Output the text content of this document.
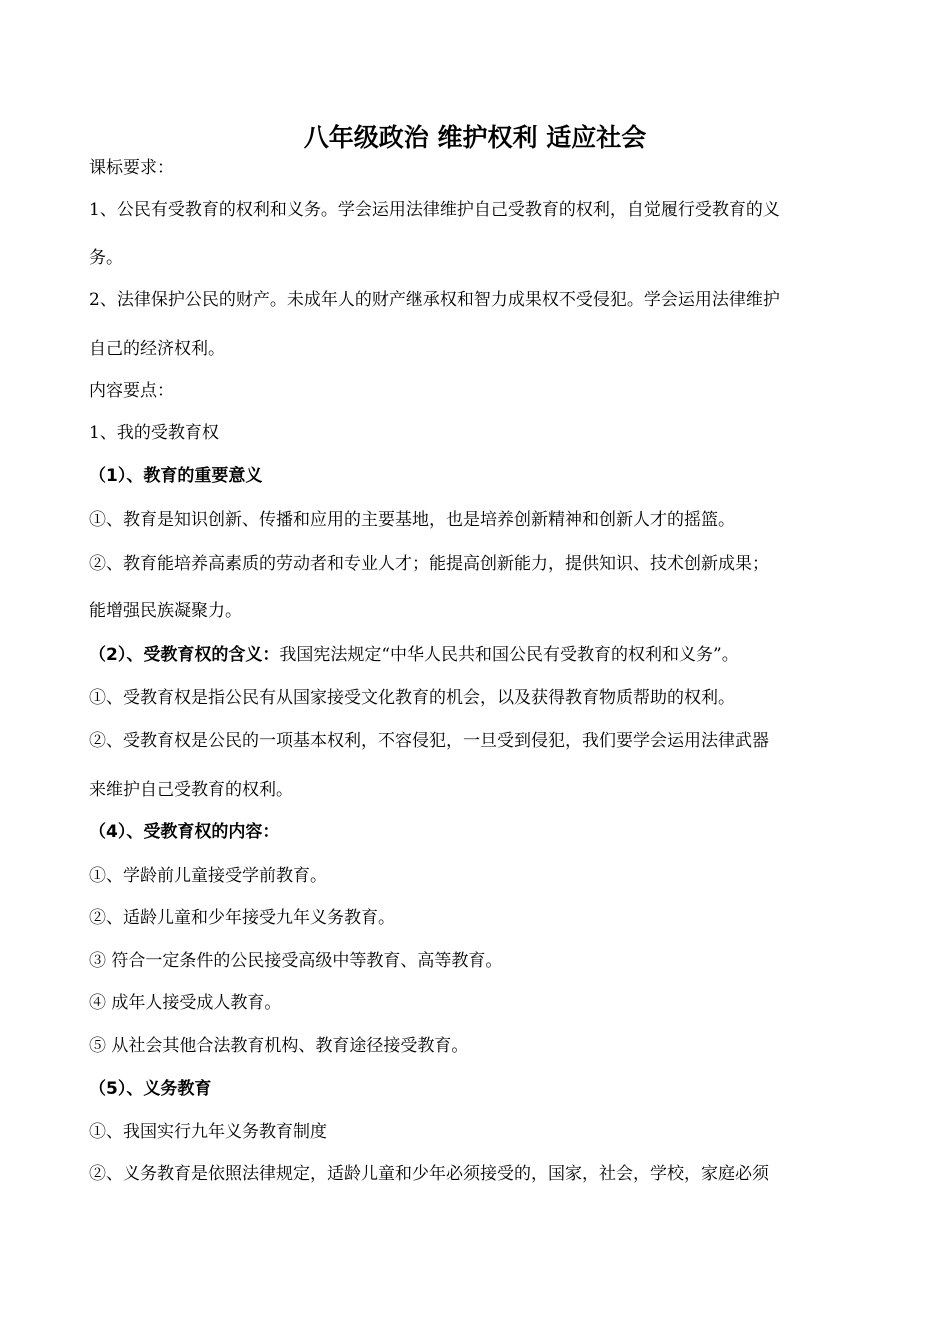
八年级政治 维护权利 适应社会

课标要求：

1、公民有受教育的权利和义务。学会运用法律维护自己受教育的权利，自觉履行受教育的义

务。

2、法律保护公民的财产。未成年人的财产继承权和智力成果权不受侵犯。学会运用法律维护

自己的经济权利。

内容要点：

1、我的受教育权

（1）、教育的重要意义

①、教育是知识创新、传播和应用的主要基地，也是培养创新精神和创新人才的摇篮。

②、教育能培养高素质的劳动者和专业人才；能提高创新能力，提供知识、技术创新成果；

能增强民族凝聚力。

（2）、受教育权的含义：我国宪法规定“中华人民共和国公民有受教育的权利和义务”。

①、受教育权是指公民有从国家接受文化教育的机会，以及获得教育物质帮助的权利。

②、受教育权是公民的一项基本权利，不容侵犯，一旦受到侵犯，我们要学会运用法律武器

来维护自己受教育的权利。

（4）、受教育权的内容：

①、学龄前儿童接受学前教育。

②、适龄儿童和少年接受九年义务教育。

③ 符合一定条件的公民接受高级中等教育、高等教育。

④ 成年人接受成人教育。

⑤ 从社会其他合法教育机构、教育途径接受教育。

（5）、义务教育

①、我国实行九年义务教育制度

②、义务教育是依照法律规定，适龄儿童和少年必须接受的，国家，社会，学校，家庭必须
